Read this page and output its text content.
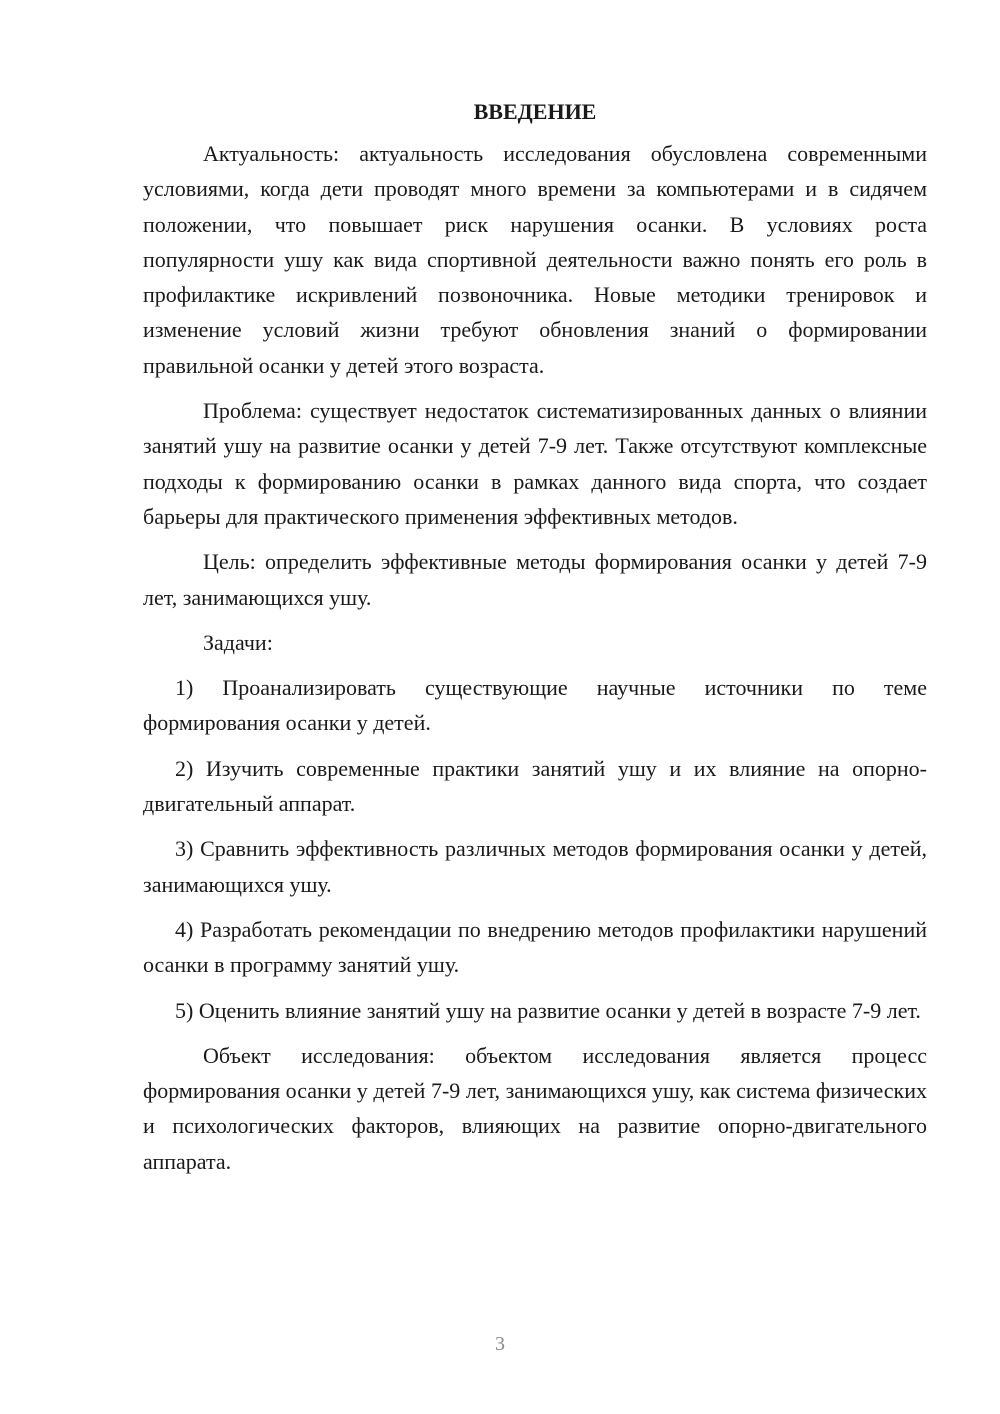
ВВЕДЕНИЕ

Актуальность: актуальность исследования обусловлена современными условиями, когда дети проводят много времени за компьютерами и в сидячем положении, что повышает риск нарушения осанки. В условиях роста популярности ушу как вида спортивной деятельности важно понять его роль в профилактике искривлений позвоночника. Новые методики тренировок и изменение условий жизни требуют обновления знаний о формировании правильной осанки у детей этого возраста.

Проблема: существует недостаток систематизированных данных о влиянии занятий ушу на развитие осанки у детей 7-9 лет. Также отсутствуют комплексные подходы к формированию осанки в рамках данного вида спорта, что создает барьеры для практического применения эффективных методов.

Цель: определить эффективные методы формирования осанки у детей 7-9 лет, занимающихся ушу.

Задачи:

1) Проанализировать существующие научные источники по теме формирования осанки у детей.

2) Изучить современные практики занятий ушу и их влияние на опорно-двигательный аппарат.

3) Сравнить эффективность различных методов формирования осанки у детей, занимающихся ушу.

4) Разработать рекомендации по внедрению методов профилактики нарушений осанки в программу занятий ушу.

5) Оценить влияние занятий ушу на развитие осанки у детей в возрасте 7-9 лет.

Объект исследования: объектом исследования является процесс формирования осанки у детей 7-9 лет, занимающихся ушу, как система физических и психологических факторов, влияющих на развитие опорно-двигательного аппарата.

3
